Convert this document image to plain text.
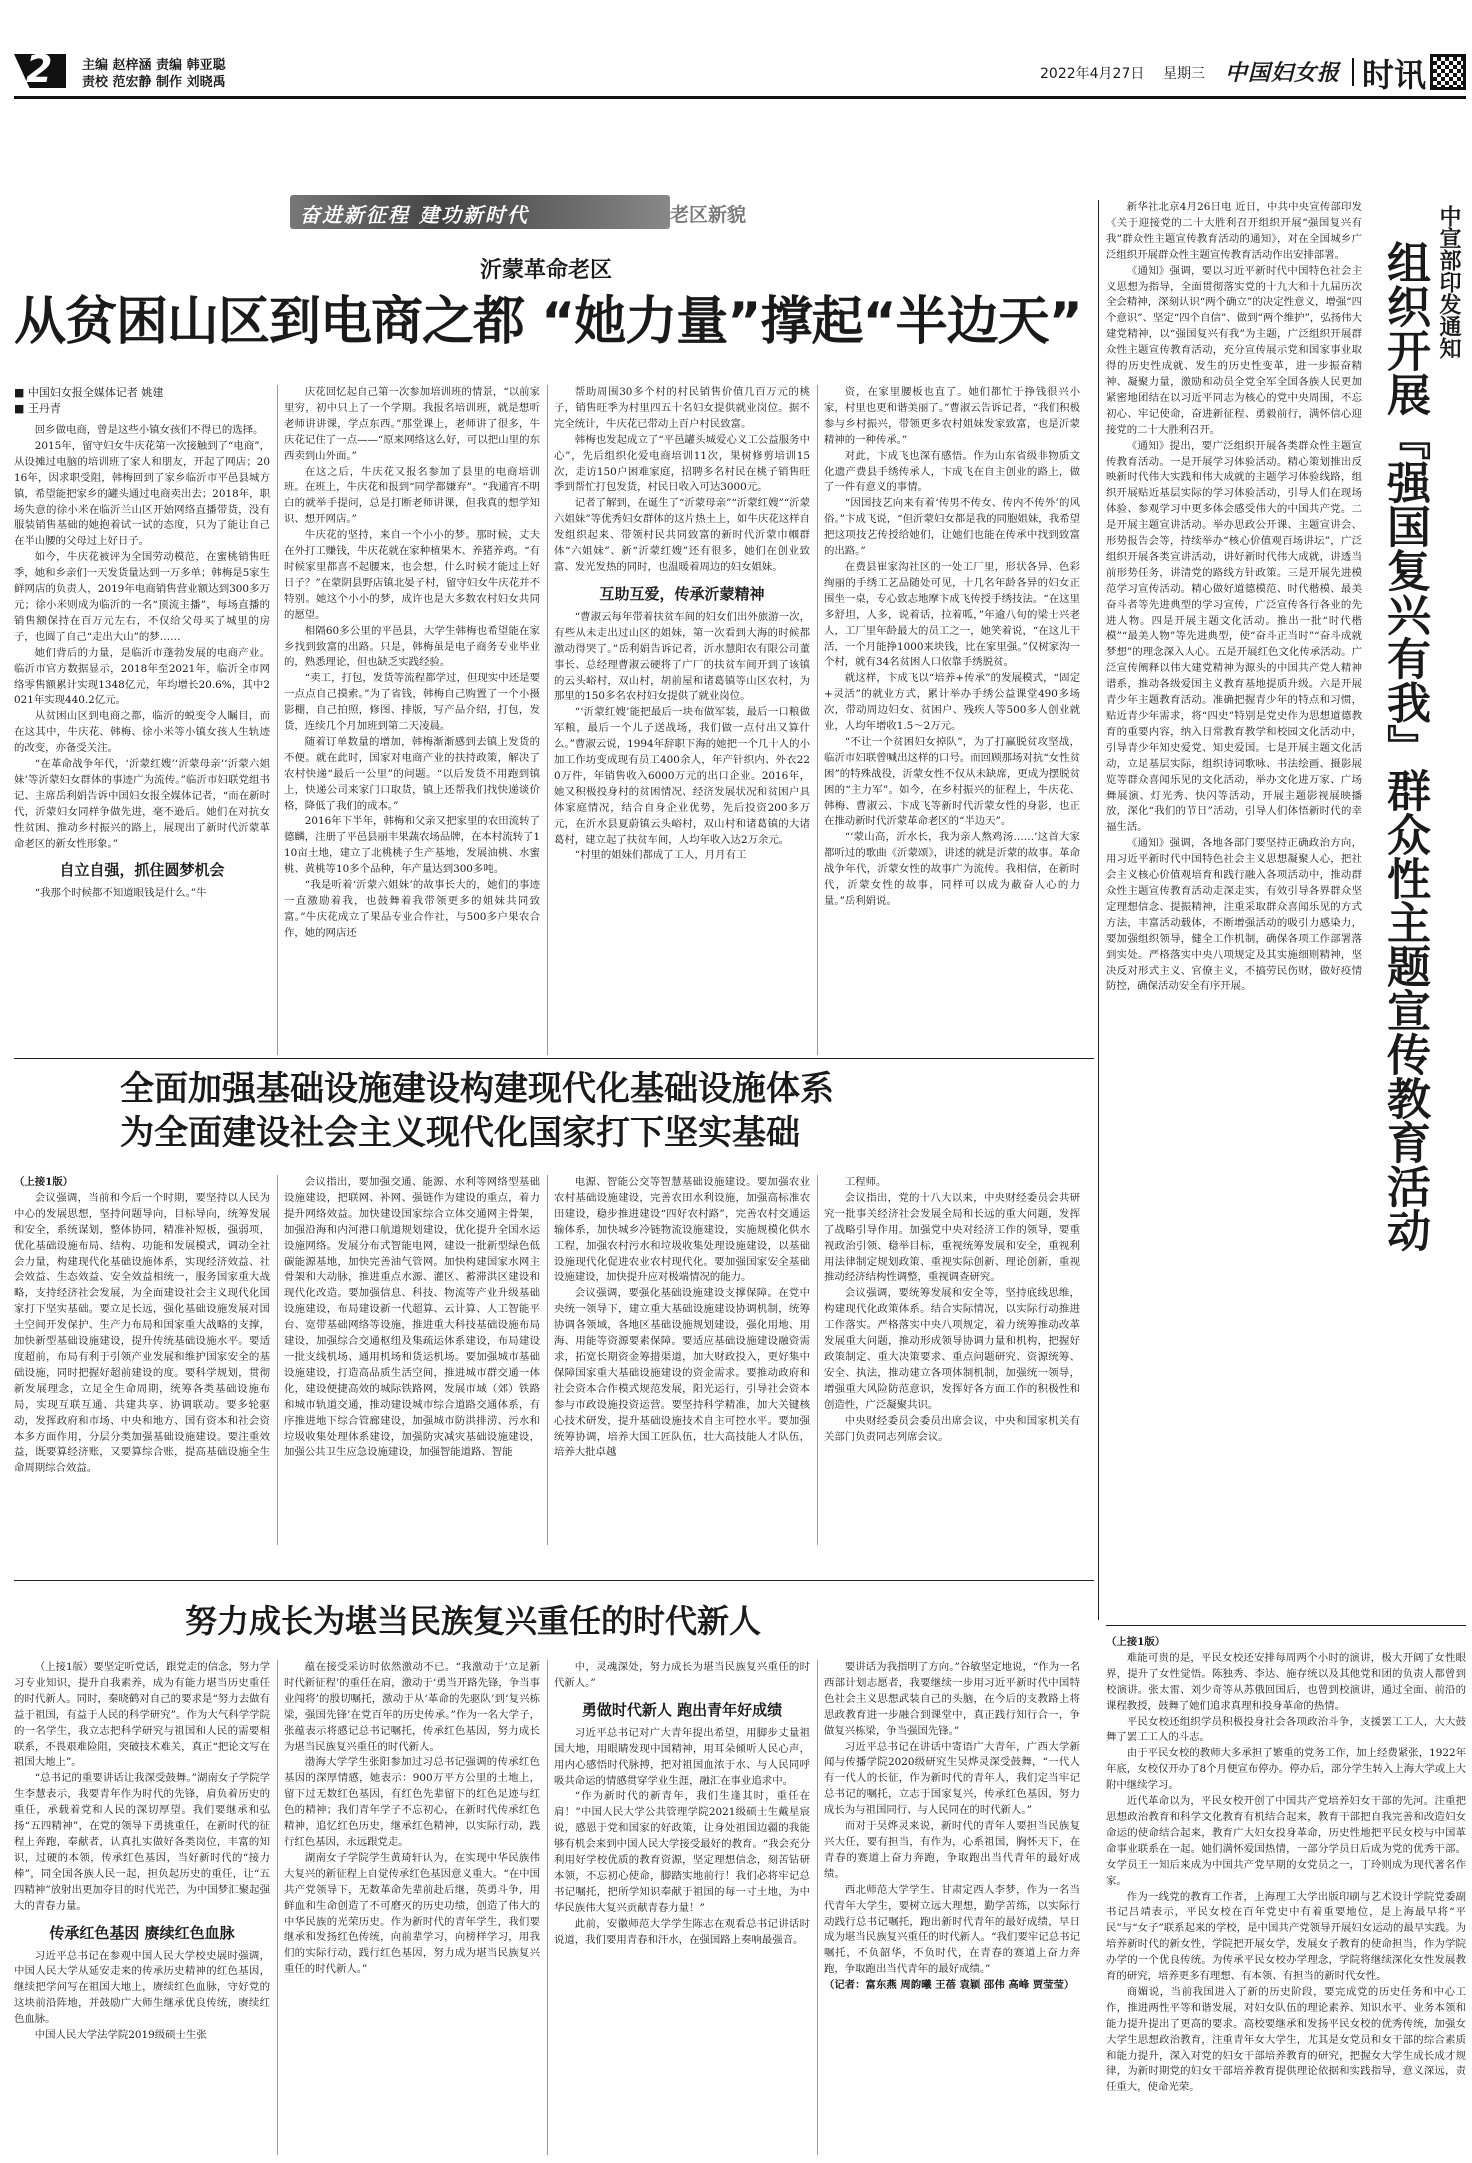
2 主编 赵梓涵 责编 韩亚聪
责校 范宏静 制作 刘晓禹
2022年4月27日 星期三 中国妇女报 时讯
奋进新征程 建功新时代	老区新貌
沂蒙革命老区
从贫困山区到电商之都 “她力量”撑起“半边天”
■ 中国妇女报全媒体记者 姚建
■ 王丹青

回乡做电商，曾是这些小镇女孩们不得已的选择。

2015年，留守妇女牛庆花第一次接触到了“电商”，从设摊过电脑的培训班了家人和朋友，开起了网店；2016年，因求职受阻，韩梅回到了家乡临沂市平邑县城方镇，希望能把家乡的罐头通过电商卖出去；2018年，职场失意的徐小米在临沂兰山区开始网络直播带货，没有服装销售基础的她抱着试一试的态度，只为了能让自己在半山腰的父母过上好日子。

如今，牛庆花被评为全国劳动模范，在蜜桃销售旺季，她和乡亲们一天发货量达到一万多单；韩梅是5家生鲜网店的负责人，2019年电商销售营业额达到300多万元；徐小米则成为临沂的一名“顶流主播”，每场直播的销售额保持在百万元左右，不仅给父母买了城里的房子，也圆了自己“走出大山”的梦……

她们背后的力量，是临沂市蓬勃发展的电商产业。临沂市官方数据显示，2018年至2021年，临沂全市网络零售额累计实现1348亿元，年均增长20.6%，其中2021年实现440.2亿元。

从贫困山区到电商之都，临沂的蜕变令人瞩目，而在这其中，牛庆花、韩梅、徐小米等小镇女孩人生轨迹的改变，亦备受关注。

“在革命战争年代，‘沂蒙红嫂’‘沂蒙母亲’‘沂蒙六姐妹’等沂蒙妇女群体的事迹广为流传。”临沂市妇联党组书记、主席岳利娟告诉中国妇女报全媒体记者，“而在新时代，沂蒙妇女同样争做先进，毫不逊后。她们在对抗女性贫困、推动乡村振兴的路上，展现出了新时代沂蒙革命老区的新女性形象。”

自立自强，抓住圆梦机会

“我那个时候都不知道眼钱是什么。”牛

庆花回忆起自己第一次参加培训班的情景，“以前家里穷，初中只上了一个学期。我报名培训班，就是想听老师讲讲课，学点东西。”那堂课上，老师讲了很多，牛庆花记住了一点——“原来网络这么好，可以把山里的东西卖到山外面。”

在这之后，牛庆花又报名参加了县里的电商培训班。在班上，牛庆花和报到“同学都嫌弃”。“我通宵不明白的就举手提问，总是打断老师讲课，但我真的想学知识、想开网店。”

牛庆花的坚持，来自一个小小的梦。那时候，丈夫在外打工赚钱，牛庆花就在家种植果木、养猪养鸡。“有时候家里都喜不起腰来，也会想，什么时候才能过上好日子？”在蒙阴县野店镇北晏子村，留守妇女牛庆花并不特别。她这个小小的梦，成许也是大多数农村妇女共同的愿望。

相隔60多公里的平邑县，大学生韩梅也希望能在家乡找到致富的出路。只是，韩梅虽是电子商务专业毕业的，熟悉理论，但也缺乏实践经验。

“卖工，打包，发货等流程都学过，但现实中还是要一点点自己摸索。”为了省钱，韩梅自己购置了一个小摄影棚，自己拍照，修图、排版，写产品介绍，打包，发货，连续几个月加班到第二天凌晨。

随着订单数量的增加，韩梅渐渐感到去镇上发货的不便。就在此时，国家对电商产业的扶持政策，解决了农村快递“最后一公里”的问题。“以后发货不用跑到镇上，快递公司来家门口取货，镇上还帮我们找快递谈价格，降低了我们的成本。”

2016年下半年，韩梅和父亲又把家里的农田流转了德麟，注册了平邑县丽丰果蔬农场品牌，在本村流转了110亩土地，建立了北桃桃子生产基地，发展油桃、水蜜桃、黄桃等10多个品种，年产量达到300多吨。

“我是听着‘沂蒙六姐妹’的故事长大的，她们的事迹一直激励着我，也鼓舞着我带领更多的姐妹共同致富。”牛庆花成立了果品专业合作社，与500多户果农合作，她的网店还

帮助周围30多个村的村民销售价值几百万元的桃子，销售旺季为村里四五十名妇女提供就业岗位。据不完全统计，牛庆花已带动上百户村民致富。

韩梅也发起成立了“平邑罐头城爱心义工公益服务中心”，先后组织化爱电商培训11次，果树修剪培训15次，走访150户困难家庭，招聘多名村民在桃子销售旺季到帮忙打包发货，村民日收入可达3000元。

记者了解到，在诞生了“沂蒙母亲”“沂蒙红嫂”“沂蒙六姐妹”等优秀妇女群体的这片热土上，如牛庆花这样自发组织起来、带领村民共同致富的新时代沂蒙巾帼群体“六姐妹”、新“沂蒙红嫂”还有很多，她们在创业致富、发光发热的同时，也温暖着周边的妇女姐妹。

互助互爱，传承沂蒙精神

“曹淑云每年带着扶贫车间的妇女们出外旅游一次，有些从未走出过山区的姐妹，第一次看到大海的时候都激动得哭了。”岳利娟告诉记者，沂水慧阳农有限公司董事长、总经理曹淑云硬将了广厂的扶贫车间开到了该镇的云头峪村，双山村，胡前屋和诸葛镇等山区农村，为那里的150多名农村妇女提供了就业岗位。

“‘沂蒙红嫂’能把最后一块布做军装，最后一口粮做军粮，最后一个儿子送战场，我们做一点付出又算什么。”曹淑云说，1994年辞职下海的她把一个几十人的小加工作坊变成现有员工400余人，年产针织内、外衣220万件，年销售收入6000万元的出口企业。2016年，她又积极投身村的贫困情况、经济发展状况和贫困户具体家庭情况，结合自身企业优势，先后投资200多万元，在沂水县夏蔚镇云头峪村，双山村和诸葛镇的大诸葛村，建立起了扶贫车间，人均年收入达2万余元。

“村里的姐妹们都成了工人，月月有工

资，在家里腰板也直了。她们都忙于挣钱很兴小家，村里也更和谐美丽了。”曹淑云告诉记者，“我们积极参与乡村振兴，带领更多农村姐妹发家致富，也是沂蒙精神的一种传承。”

对此，卞成飞也深有感悟。作为山东省级非物质文化遗产费县手绣传承人，卞成飞在自主创业的路上，做了一件有意义的事情。

“因国技艺向来有着‘传男不传女、传内不传外’的风俗。”卞成飞说，“但沂蒙妇女都是我的同胞姐妹，我希望把这项技艺传授给她们，让她们也能在传承中找到致富的出路。”

在费县崔家沟社区的一处工厂里，形状各异、色彩绚丽的手绣工艺品随处可见，十几名年龄各异的妇女正围坐一桌，专心致志地摩卞成飞传授手绣技法。“在这里多舒坦，人多，说着话，拉着呱，”年逾八旬的梁士兴老人，工厂里年龄最大的员工之一，她笑着说，“在这儿干活，一个月能挣1000来块钱，比在家里强。”仅树家沟一个村，就有34名贫困人口依靠手绣脱贫。

就这样，卞成飞以“培养+传承”的发展模式，“固定+灵活”的就业方式，累计举办手绣公益课堂490多场次，带动周边妇女、贫困户、残疾人等500多人创业就业，人均年增收1.5～2万元。

“不让一个贫困妇女掉队”，为了打赢脱贫攻坚战，临沂市妇联曾喊出这样的口号。而回顾那场对抗“女性贫困”的特殊战役，沂蒙女性不仅从未缺席，更成为摆脱贫困的“主力军”。如今，在乡村振兴的征程上，牛庆花、韩梅、曹淑云、卞成飞等新时代沂蒙女性的身影，也正在推动新时代沂蒙革命老区的“半边天”。

“‘蒙山高，沂水长，我为亲人熬鸡汤……’这首大家都听过的歌曲《沂蒙颂》，讲述的就是沂蒙的故事。革命战争年代，沂蒙女性的故事广为流传。我相信，在新时代，沂蒙女性的故事，同样可以成为蔽奋人心的力量。”岳利娟说。

新华社北京4月26日电 近日，中共中央宣传部印发《关于迎接党的二十大胜利召开组织开展“强国复兴有我”群众性主题宣传教育活动的通知》，对在全国城乡广泛组织开展群众性主题宣传教育活动作出安排部署。

《通知》强调，要以习近平新时代中国特色社会主义思想为指导，全面贯彻落实党的十九大和十九届历次全会精神，深刻认识“两个确立”的决定性意义，增强“四个意识”、坚定“四个自信”、做到“两个维护”，弘扬伟大建党精神，以“强国复兴有我”为主题，广泛组织开展群众性主题宣传教育活动，充分宣传展示党和国家事业取得的历史性成就、发生的历史性变革，进一步振奋精神、凝聚力量，激励和动员全党全军全国各族人民更加紧密地团结在以习近平同志为核心的党中央周围，不忘初心、牢记使命，奋进新征程、勇毅前行，满怀信心迎接党的二十大胜利召开。

《通知》提出，要广泛组织开展各类群众性主题宣传教育活动。一是开展学习体验活动。精心策划推出反映新时代伟大实践和伟大成就的主题学习体验线路，组织开展贴近基层实际的学习体验活动，引导人们在现场体验、参观学习中更多体会感受伟大的中国共产党。二是开展主题宣讲活动。举办思政公开课、主题宣讲会、形势报告会等，持续举办“核心价值观百场讲坛”，广泛组织开展各类宣讲活动，讲好新时代伟大成就，讲透当前形势任务，讲清党的路线方针政策。三是开展先进模范学习宣传活动。精心做好道德模范、时代楷模、最美奋斗者等先进典型的学习宣传，广泛宣传各行各业的先进人物。四是开展主题文化活动。推出一批“时代楷模”“最美人物”等先进典型，使“奋斗正当时”“奋斗成就梦想”的理念深入人心。五是开展红色文化传承活动。广泛宣传阐释以伟大建党精神为源头的中国共产党人精神谱系，推动各级爱国主义教育基地提质升级。六是开展青少年主题教育活动。准确把握青少年的特点和习惯，贴近青少年需求，将“四史”特别是党史作为思想道德教育的重要内容，纳入日常教育教学和校园文化活动中，引导青少年知史爱党、知史爱国。七是开展主题文化活动，立足基层实际，组织诗词歌咏、书法绘画、摄影展览等群众喜闻乐见的文化活动，举办文化进万家、广场舞展演、灯光秀、快闪等活动，开展主题影视展映播放，深化“我们的节日”活动，引导人们体悟新时代的幸福生活。

《通知》强调，各地各部门要坚持正确政治方向，用习近平新时代中国特色社会主义思想凝聚人心，把社会主义核心价值观培育和践行融入各项活动中，推动群众性主题宣传教育活动走深走实，有效引导各界群众坚定理想信念、提振精神，注重采取群众喜闻乐见的方式方法，丰富活动载体，不断增强活动的吸引力感染力，要加强组织领导，健全工作机制，确保各项工作部署落到实处。严格落实中央八项规定及其实施细则精神，坚决反对形式主义、官僚主义，不搞劳民伤财，做好疫情防控，确保活动安全有序开展。

中宣部印发通知
组织开展『强国复兴有我』群众性主题宣传教育活动
全面加强基础设施建设构建现代化基础设施体系
为全面建设社会主义现代化国家打下坚实基础

（上接1版）

会议强调，当前和今后一个时期，要坚持以人民为中心的发展思想，坚持问题导向，目标导向，统筹发展和安全，系统谋划，整体协同，精准补短板，强弱项，优化基础设施布局、结构、功能和发展模式，调动全社会力量，构建现代化基础设施体系，实现经济效益、社会效益、生态效益、安全效益相统一，服务国家重大战略，支持经济社会发展，为全面建设社会主义现代化国家打下坚实基础。要立足长远，强化基础设施发展对国土空间开发保护、生产力布局和国家重大战略的支撑，加快新型基础设施建设，提升传统基础设施水平。要适度超前，布局有利于引领产业发展和维护国家安全的基础设施，同时把握好超前建设的度。要科学规划，贯彻新发展理念，立足全生命周期，统筹各类基础设施布局，实现互联互通、共建共享、协调联动。要多轮驱动，发挥政府和市场、中央和地方、国有资本和社会资本多方面作用，分层分类加强基础设施建设。要注重效益，既要算经济账，又要算综合账，提高基础设施全生命周期综合效益。

会议指出，要加强交通、能源、水利等网络型基础设施建设，把联网、补网、强链作为建设的重点，着力提升网络效益。加快建设国家综合立体交通网主骨架，加强沿海和内河港口航道规划建设，优化提升全国水运设施网络。发展分布式智能电网，建设一批新型绿色低碳能源基地，加快完善油气管网。加快构建国家水网主骨架和大动脉，推进重点水源、灌区、蓄滞洪区建设和现代化改造。要加强信息、科技、物流等产业升级基础设施建设，布局建设新一代超算、云计算、人工智能平台、宽带基础网络等设施，推进重大科技基础设施布局建设，加强综合交通枢纽及集疏运体系建设，布局建设一批支线机场、通用机场和货运机场。要加强城市基础设施建设，打造高品质生活空间，推进城市群交通一体化，建设便捷高效的城际铁路网，发展市域（郊）铁路和城市轨道交通，推动建设城市综合道路交通体系，有序推进地下综合管廊建设，加强城市防洪排涝、污水和垃圾收集处理体系建设，加强防灾减灾基础设施建设，加强公共卫生应急设施建设，加强智能道路、智能

电源、智能公交等智慧基础设施建设。要加强农业农村基础设施建设，完善农田水利设施，加强高标准农田建设，稳步推进建设“四好农村路”，完善农村交通运输体系，加快城乡冷链物流设施建设，实施规模化供水工程，加强农村污水和垃圾收集处理设施建设，以基础设施现代化促进农业农村现代化。要加强国家安全基础设施建设，加快提升应对极端情况的能力。

会议强调，要强化基础设施建设支撑保障。在党中央统一领导下，建立重大基础设施建设协调机制，统筹协调各领域，各地区基础设施规划建设，强化用地、用海、用能等资源要素保障。要适应基础设施建设融资需求，拓宽长期资金筹措渠道，加大财政投入，更好集中保障国家重大基础设施建设的资金需求。要推动政府和社会资本合作模式规范发展，阳光运行，引导社会资本参与市政设施投资运营。要坚持科学精准，加大关键核心技术研发，提升基础设施技术自主可控水平。要加强统筹协调，培养大国工匠队伍，壮大高技能人才队伍，培养大批卓越

工程师。

会议指出，党的十八大以来，中央财经委员会共研究一批事关经济社会发展全局和长远的重大问题，发挥了战略引导作用。加强党中央对经济工作的领导，要重视政治引领、稳举目标，重视统筹发展和安全，重视利用法律制定规划政策、重视实际创新、理论创新，重视推动经济结构性调整，重视调查研究。

会议强调，要统筹发展和安全等，坚持底线思维，构建现代化政策体系。结合实际情况，以实际行动推进工作落实。严格落实中央八项规定，着力统筹推动改革发展重大问题，推动形成领导协调力量和机构，把握好政策制定、重大决策要求、重点问题研究、资源统筹、安全、执法，推动建立各项体制机制，加强统一领导，增强重大风险防范意识，发挥好各方面工作的积极性和创造性，广泛凝聚共识。

中央财经委员会委员出席会议，中央和国家机关有关部门负责同志列席会议。

努力成长为堪当民族复兴重任的时代新人

（上接1版）要坚定听党话，跟党走的信念，努力学习专业知识，提升自我素养，成为有能力堪当历史重任的时代新人。同时，秦晓鹤对自己的要求是“努力去做有益于祖国，有益于人民的科学研究”。作为大气科学学院的一名学生，我立志把科学研究与祖国和人民的需要相联系，不畏艰难险阻，突破技术难关，真正“把论文写在祖国大地上”。

“总书记的重要讲话让我深受鼓舞。”湖南女子学院学生李慧表示，我要青年作为时代的先锋，肩负着历史的重任，承载着党和人民的深切厚望。我们要继承和弘扬“五四精神”，在党的领导下勇挑重任，在新时代的征程上奔跑，奉献者，认真扎实做好各类岗位，丰富的知识，过硬的本领，传承红色基因，当好新时代的“接力棒”，同全国各族人民一起，担负起历史的重任，让“五四精神”放射出更加夺目的时代光芒，为中国梦汇聚起强大的青春力量。

传承红色基因 赓续红色血脉

习近平总书记在参观中国人民大学校史展时强调，中国人民大学从延安走来的传承历史精神的红色基因，继续把学问写在祖国大地上，赓续红色血脉，守好党的这块前沿阵地，并鼓励广大师生继承优良传统，赓续红色血脉。

中国人民大学法学院2019级硕士生张

蕴在接受采访时依然激动不已。“我激动于‘立足新时代新征程’的重任在肩，激动于‘勇当开路先锋，争当事业闯将’的殷切嘱托，激动于从‘革命的先驱队’到‘复兴栋梁，强国先锋’在党百年的历史传承。”作为一名大学子，张蕴表示将感记总书记嘱托，传承红色基因，努力成长为堪当民族复兴重任的时代新人。

渤海大学学生张阳参加过习总书记强调的传承红色基因的深厚情感，她表示：900万平方公里的土地上，留下过无数红色基因，有红色先辈留下的红色足迹与红色的精神；我们青年学子不忘初心，在新时代传承红色精神，追忆红色历史，继承红色精神，以实际行动，践行红色基因，永远跟党走。

湖南女子学院学生黄琦轩认为，在实现中华民族伟大复兴的新征程上自觉传承红色基因意义重大。“在中国共产党领导下，无数革命先辈前赴后继，英勇斗争，用鲜血和生命创造了不可磨灭的历史功绩，创造了伟大的中华民族的光荣历史。作为新时代的青年学生，我们要继承和发扬红色传统，向前辈学习，向榜样学习，用我们的实际行动，践行红色基因，努力成为堪当民族复兴重任的时代新人。”

中，灵魂深处，努力成长为堪当民族复兴重任的时代新人。”

勇做时代新人 跑出青年好成绩

习近平总书记对广大青年提出希望，用脚步丈量祖国大地，用眼睛发现中国精神，用耳朵倾听人民心声，用内心感悟时代脉搏，把对祖国血浓于水、与人民同呼吸共命运的情感贯穿学业生涯，融汇在事业追求中。

“作为新时代的新青年，我们生逢其时，重任在肩！”中国人民大学公共管理学院2021级硕士生戴星宸说，感恩于党和国家的好政策，让身处祖国边疆的我能够有机会来到中国人民大学接受最好的教育。“我会充分利用好学校优质的教育资源，坚定理想信念，刻苦钻研本领，不忘初心使命，脚踏实地前行！我们必将牢记总书记嘱托，把所学知识奉献于祖国的每一寸土地，为中华民族伟大复兴贡献青春力量！”

此前，安徽师范大学学生陈志在观看总书记讲话时说道，我们要用青春和汗水，在强国路上奏响最强音。

要讲话为我指明了方向。”谷敏坚定地说，“作为一名西部计划志愿者，我要继续一步用习近平新时代中国特色社会主义思想武装自己的头脑，在今后的支教路上将思政教育进一步融合到课堂中，真正践行知行合一，争做复兴栋梁，争当强国先锋。”

习近平总书记在讲话中寄语广大青年，广西大学新闻与传播学院2020级研究生吴烨灵深受鼓舞，“一代人有一代人的长征，作为新时代的青年人，我们定当牢记总书记的嘱托，立志于国家复兴，传承红色基因，努力成长为与祖国同行、与人民同在的时代新人。”

而对于吴烨灵来说，新时代的青年人要担当民族复兴大任，要有担当，有作为，心系祖国，胸怀天下，在青春的赛道上奋力奔跑，争取跑出当代青年的最好成绩。

西北师范大学学生、甘肃定西人李梦，作为一名当代青年大学生，要树立远大理想，勤学苦练，以实际行动践行总书记嘱托，跑出新时代青年的最好成绩，早日成为堪当民族复兴重任的时代新人。“我们要牢记总书记嘱托，不负韶华，不负时代，在青春的赛道上奋力奔跑，争取跑出当代青年的最好成绩。”

（记者：富东燕 周韵曦 王蓓 袁颖 邵伟 高峰 贾莹莹）

（上接1版）

难能可贵的是，平民女校还安排每周两个小时的演讲，极大开阔了女性眼界，提升了女性觉悟。陈独秀、李达、施存统以及其他党和团的负责人都曾到校演讲。张太雷、刘少奇等从苏俄回国后，也曾到校演讲，通过全面、前沿的课程教授，鼓舞了她们追求真理和投身革命的热情。

平民女校还组织学员积极投身社会各项政治斗争，支援罢工工人，大大鼓舞了罢工工人的斗志。

由于平民女校的教师大多承担了繁重的党务工作，加上经费紧张，1922年年底，女校仅开办了8个月便宣布停办。停办后，部分学生转入上海大学或上大附中继续学习。

近代革命以为，平民女校开创了中国共产党培养妇女干部的先河。注重把思想政治教育和科学文化教育有机结合起来，教育干部把自我完善和改造妇女命运的使命结合起来，教育广大妇女投身革命，历史性地把平民女校与中国革命事业联系在一起。她们满怀爱国热情，一部分学员日后成为党的优秀干部。女学员王一知后来成为中国共产党早期的女党员之一，丁玲则成为现代著名作家。

作为一线党的教育工作者，上海理工大学出版印刷与艺术设计学院党委副书记吕靖表示，平民女校在百年党史中有着重要地位，是上海最早将“平民”与“女子”联系起来的学校，是中国共产党领导开展妇女运动的最早实践。为培养新时代的新女性，学院把开展女学，发展女子教育的使命担当，作为学院办学的一个优良传统。为传承平民女校办学理念，学院将继续深化女性发展教育的研究，培养更多有理想、有本领、有担当的新时代女性。

商媚说，当前我国进入了新的历史阶段，要完成党的历史任务和中心工作，推进两性平等和谐发展，对妇女队伍的理论素养、知识水平、业务本领和能力提升提出了更高的要求。高校要继承和发扬平民女校的优秀传统，加强女大学生思想政治教育，注重青年女大学生，尤其是女党员和女干部的综合素质和能力提升，深入对党的妇女干部培养教育的研究，把握女大学生成长成才规律，为新时期党的妇女干部培养教育提供理论依据和实践指导，意义深远，责任重大，使命光荣。
